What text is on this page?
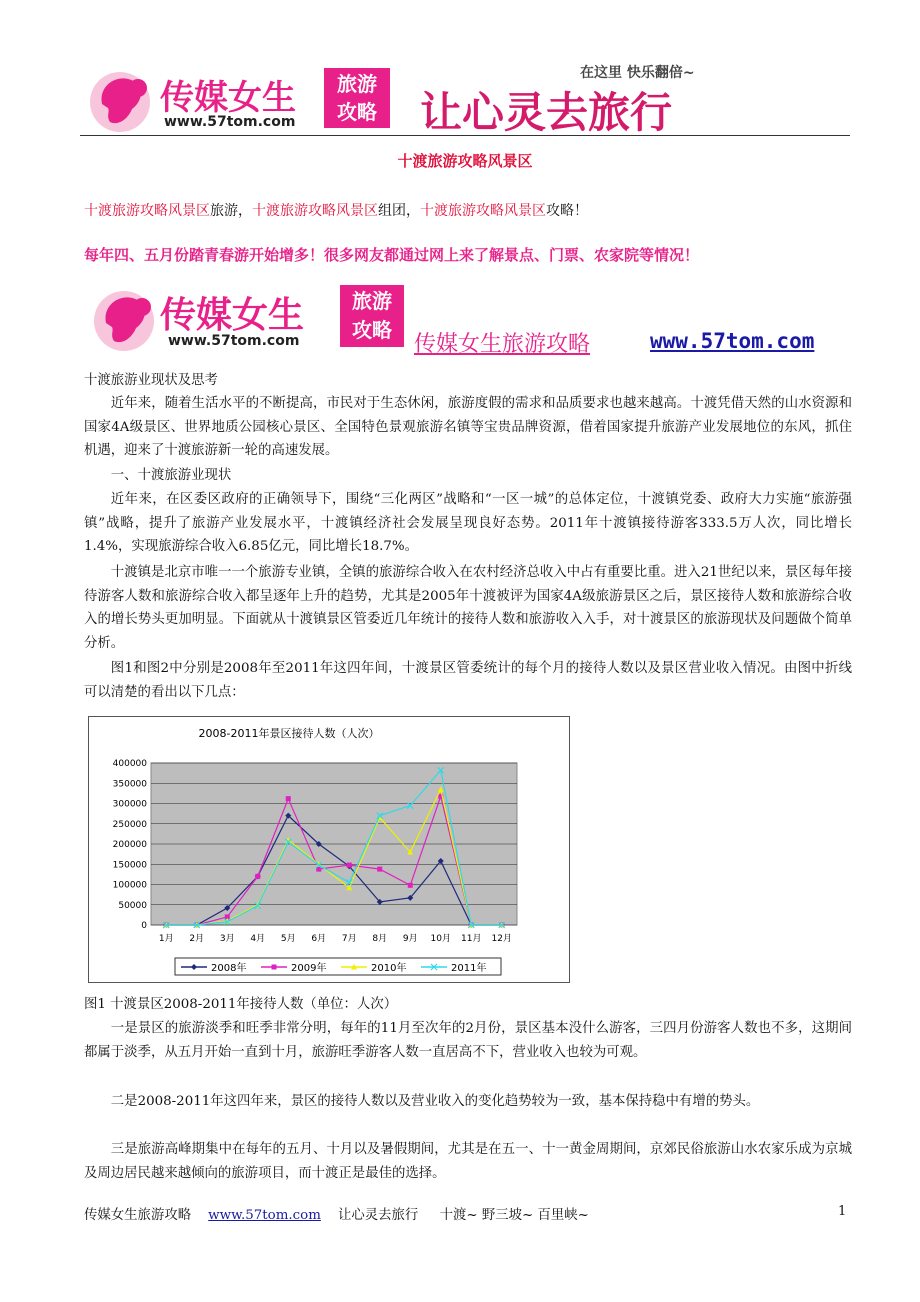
传媒女生
www.57tom.com
旅游攻略
在这里 快乐翻倍~
让心灵去旅行
十渡旅游攻略风景区
十渡旅游攻略风景区旅游，十渡旅游攻略风景区组团，十渡旅游攻略风景区攻略！
每年四、五月份踏青春游开始增多！很多网友都通过网上来了解景点、门票、农家院等情况！
传媒女生
www.57tom.com
旅游攻略
传媒女生旅游攻略	www.57tom.com
十渡旅游业现状及思考
近年来，随着生活水平的不断提高，市民对于生态休闲，旅游度假的需求和品质要求也越来越高。十渡凭借天然的山水资源和国家4A级景区、世界地质公园核心景区、全国特色景观旅游名镇等宝贵品牌资源，借着国家提升旅游产业发展地位的东风，抓住机遇，迎来了十渡旅游新一轮的高速发展。
一、十渡旅游业现状
近年来，在区委区政府的正确领导下，围绕“三化两区”战略和“一区一城”的总体定位，十渡镇党委、政府大力实施“旅游强镇”战略，提升了旅游产业发展水平，十渡镇经济社会发展呈现良好态势。2011年十渡镇接待游客333.5万人次，同比增长1.4%，实现旅游综合收入6.85亿元，同比增长18.7%。
十渡镇是北京市唯一一个旅游专业镇，全镇的旅游综合收入在农村经济总收入中占有重要比重。进入21世纪以来，景区每年接待游客人数和旅游综合收入都呈逐年上升的趋势，尤其是2005年十渡被评为国家4A级旅游景区之后，景区接待人数和旅游综合收入的增长势头更加明显。下面就从十渡镇景区管委近几年统计的接待人数和旅游收入入手，对十渡景区的旅游现状及问题做个简单分析。
图1和图2中分别是2008年至2011年这四年间，十渡景区管委统计的每个月的接待人数以及景区营业收入情况。由图中折线可以清楚的看出以下几点：
2008-2011年景区接待人数（人次）
0
50000
100000
150000
200000
250000
300000
350000
400000
1月 2月 3月 4月 5月 6月 7月 8月 9月 10月 11月 12月
2008年	2009年	2010年	2011年
图1 十渡景区2008-2011年接待人数（单位：人次）
一是景区的旅游淡季和旺季非常分明，每年的11月至次年的2月份，景区基本没什么游客，三四月份游客人数也不多，这期间都属于淡季，从五月开始一直到十月，旅游旺季游客人数一直居高不下，营业收入也较为可观。
二是2008-2011年这四年来，景区的接待人数以及营业收入的变化趋势较为一致，基本保持稳中有增的势头。
三是旅游高峰期集中在每年的五月、十月以及暑假期间，尤其是在五一、十一黄金周期间，京郊民俗旅游山水农家乐成为京城及周边居民越来越倾向的旅游项目，而十渡正是最佳的选择。
传媒女生旅游攻略 www.57tom.com 让心灵去旅行 十渡~ 野三坡~ 百里峡~	1
